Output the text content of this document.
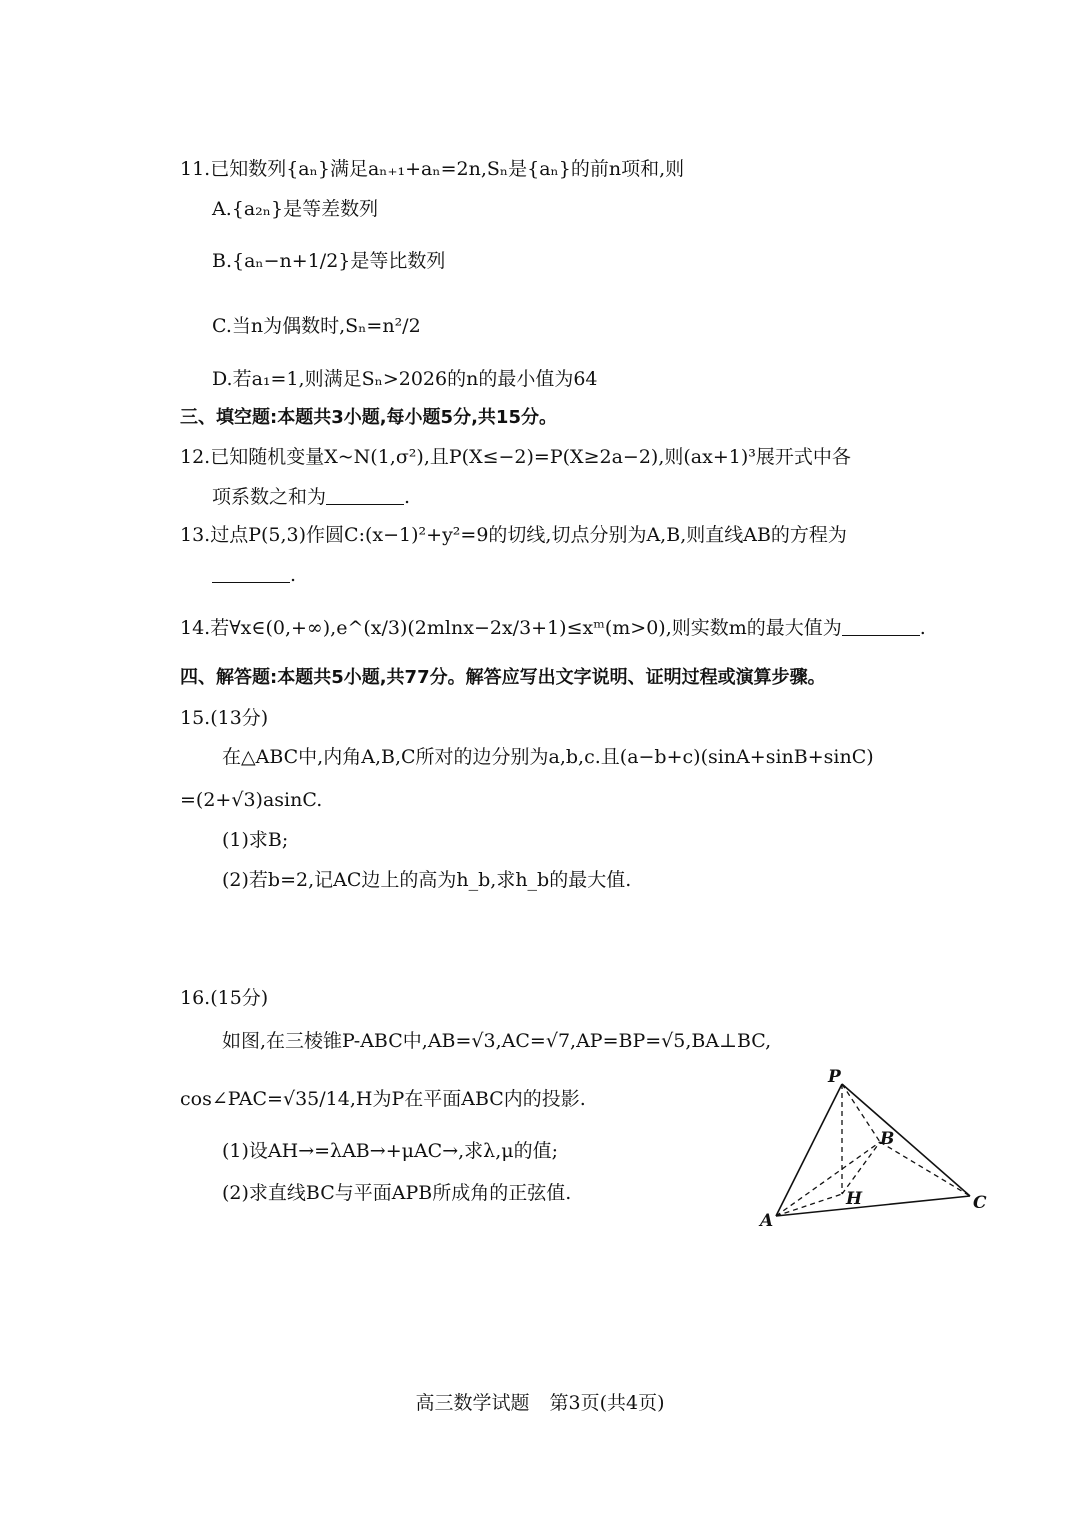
11.已知数列{aₙ}满足aₙ₊₁+aₙ=2n,Sₙ是{aₙ}的前n项和,则
A.{a₂ₙ}是等差数列
B.{aₙ−n+1/2}是等比数列
C.当n为偶数时,Sₙ=n²/2
D.若a₁=1,则满足Sₙ>2026的n的最小值为64
三、填空题:本题共3小题,每小题5分,共15分。
12.已知随机变量X~N(1,σ²),且P(X≤−2)=P(X≥2a−2),则(ax+1)³展开式中各
项系数之和为	.
13.过点P(5,3)作圆C:(x−1)²+y²=9的切线,切点分别为A,B,则直线AB的方程为
.
14.若∀x∈(0,+∞),e^(x/3)(2mlnx−2x/3+1)≤xᵐ(m>0),则实数m的最大值为	.
四、解答题:本题共5小题,共77分。解答应写出文字说明、证明过程或演算步骤。
15.(13分)
在△ABC中,内角A,B,C所对的边分别为a,b,c.且(a−b+c)(sinA+sinB+sinC)
=(2+√3)asinC.
(1)求B;
(2)若b=2,记AC边上的高为h_b,求h_b的最大值.
16.(15分)
如图,在三棱锥P-ABC中,AB=√3,AC=√7,AP=BP=√5,BA⊥BC,
cos∠PAC=√35/14,H为P在平面ABC内的投影.
(1)设AH→=λAB→+μAC→,求λ,μ的值;
(2)求直线BC与平面APB所成角的正弦值.
P
A
B
C
H
高三数学试题 第3页(共4页)
